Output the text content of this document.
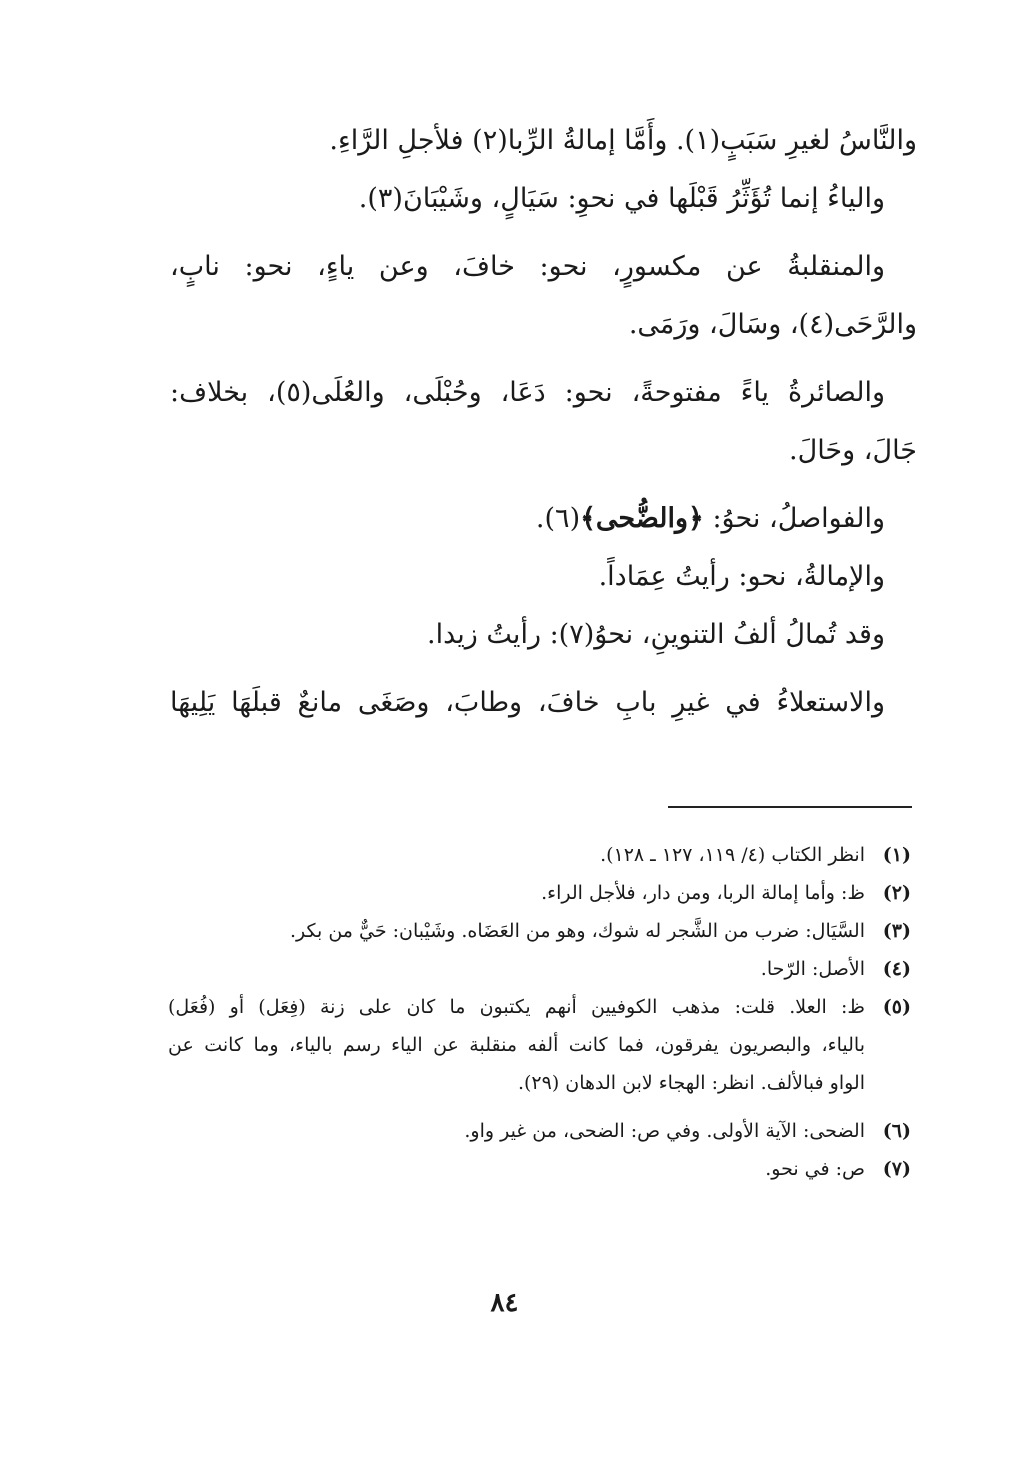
والنَّاسُ لغيرِ سَبَبٍ(١). وأَمَّا إمالةُ الرِّبا(٢) فلأجلِ الرَّاءِ.
والياءُ إنما تُؤَثِّرُ قَبْلَها في نحوِ: سَيَالٍ، وشَيْبَانَ(٣).
والمنقلبةُ عن مكسورٍ، نحو: خافَ، وعن ياءٍ، نحو: نابٍ،
والرَّحَى(٤)، وسَالَ، ورَمَى.
والصائرةُ ياءً مفتوحةً، نحو: دَعَا، وحُبْلَى، والعُلَى(٥)، بخلاف:
جَالَ، وحَالَ.
والفواصلُ، نحوُ: ﴿والضُّحى﴾(٦).
والإمالةُ، نحو: رأيتُ عِمَاداً.
وقد تُمالُ ألفُ التنوينِ، نحوُ(٧): رأيتُ زيدا.
والاستعلاءُ في غيرِ بابِ خافَ، وطابَ، وصَغَى مانعٌ قبلَهَا يَلِيهَا
(١)
انظر الكتاب (٤/ ١١٩، ١٢٧ ـ ١٢٨).
(٢)
ظ: وأما إمالة الربا، ومن دار، فلأجل الراء.
(٣)
السَّيَال: ضرب من الشَّجر له شوك، وهو من العَضَاه. وشَيْبان: حَيٌّ من بكر.
(٤)
الأصل: الرّحا.
(٥)
ظ: العلا. قلت: مذهب الكوفيين أنهم يكتبون ما كان على زنة (فِعَل) أو (فُعَل)
بالياء، والبصريون يفرقون، فما كانت ألفه منقلبة عن الياء رسم بالياء، وما كانت عن
الواو فبالألف. انظر: الهجاء لابن الدهان (٢٩).
(٦)
الضحى: الآية الأولى. وفي ص: الضحى، من غير واو.
(٧)
ص: في نحو.
٨٤
